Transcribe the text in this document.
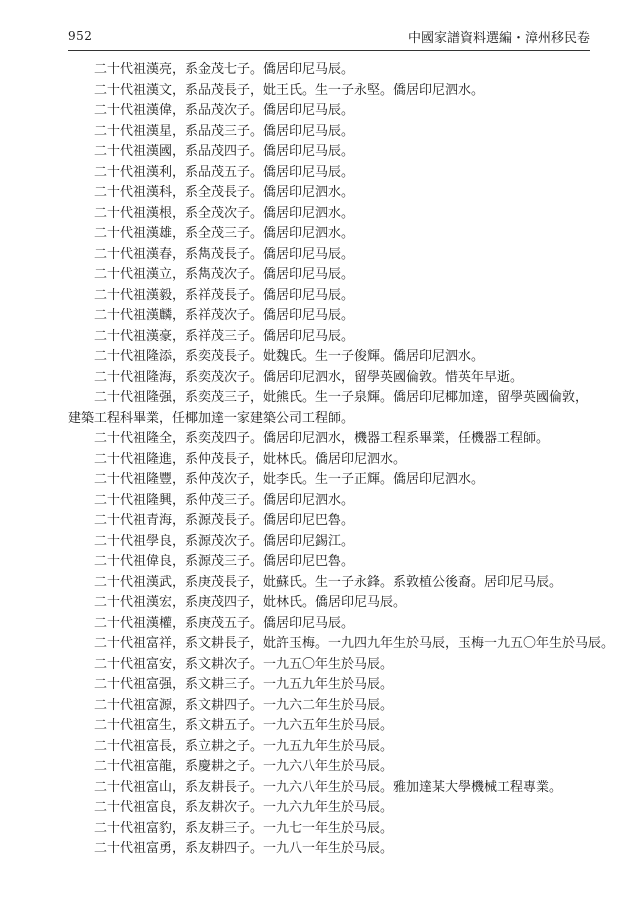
952	中國家譜資料選編・漳州移民卷

二十代祖漢亮，系金茂七子。僑居印尼马辰。

二十代祖漢文，系品茂長子，妣王氏。生一子永堅。僑居印尼泗水。

二十代祖漢偉，系品茂次子。僑居印尼马辰。

二十代祖漢星，系品茂三子。僑居印尼马辰。

二十代祖漢國，系品茂四子。僑居印尼马辰。

二十代祖漢利，系品茂五子。僑居印尼马辰。

二十代祖漢科，系全茂長子。僑居印尼泗水。

二十代祖漢根，系全茂次子。僑居印尼泗水。

二十代祖漢雄，系全茂三子。僑居印尼泗水。

二十代祖漢春，系雋茂長子。僑居印尼马辰。

二十代祖漢立，系雋茂次子。僑居印尼马辰。

二十代祖漢毅，系祥茂長子。僑居印尼马辰。

二十代祖漢麟，系祥茂次子。僑居印尼马辰。

二十代祖漢豪，系祥茂三子。僑居印尼马辰。

二十代祖隆添，系奕茂長子。妣魏氏。生一子俊輝。僑居印尼泗水。

二十代祖隆海，系奕茂次子。僑居印尼泗水，留學英國倫敦。惜英年早逝。

二十代祖隆强，系奕茂三子，妣熊氏。生一子泉輝。僑居印尼椰加達，留學英國倫敦，建築工程科畢業，任椰加達一家建築公司工程師。

二十代祖隆全，系奕茂四子。僑居印尼泗水，機器工程系畢業，任機器工程師。

二十代祖隆進，系仲茂長子，妣林氏。僑居印尼泗水。

二十代祖隆豐，系仲茂次子，妣李氏。生一子正輝。僑居印尼泗水。

二十代祖隆興，系仲茂三子。僑居印尼泗水。

二十代祖青海，系源茂長子。僑居印尼巴魯。

二十代祖學良，系源茂次子。僑居印尼錫江。

二十代祖偉良，系源茂三子。僑居印尼巴魯。

二十代祖漢武，系庚茂長子，妣蘇氏。生一子永鋒。系敦植公後裔。居印尼马辰。

二十代祖漢宏，系庚茂四子，妣林氏。僑居印尼马辰。

二十代祖漢權，系庚茂五子。僑居印尼马辰。

二十代祖富祥，系文耕長子，妣許玉梅。一九四九年生於马辰，玉梅一九五〇年生於马辰。

二十代祖富安，系文耕次子。一九五〇年生於马辰。

二十代祖富强，系文耕三子。一九五九年生於马辰。

二十代祖富源，系文耕四子。一九六二年生於马辰。

二十代祖富生，系文耕五子。一九六五年生於马辰。

二十代祖富長，系立耕之子。一九五九年生於马辰。

二十代祖富龍，系慶耕之子。一九六八年生於马辰。

二十代祖富山，系友耕長子。一九六八年生於马辰。雅加達某大學機械工程專業。

二十代祖富良，系友耕次子。一九六九年生於马辰。

二十代祖富豹，系友耕三子。一九七一年生於马辰。

二十代祖富勇，系友耕四子。一九八一年生於马辰。
